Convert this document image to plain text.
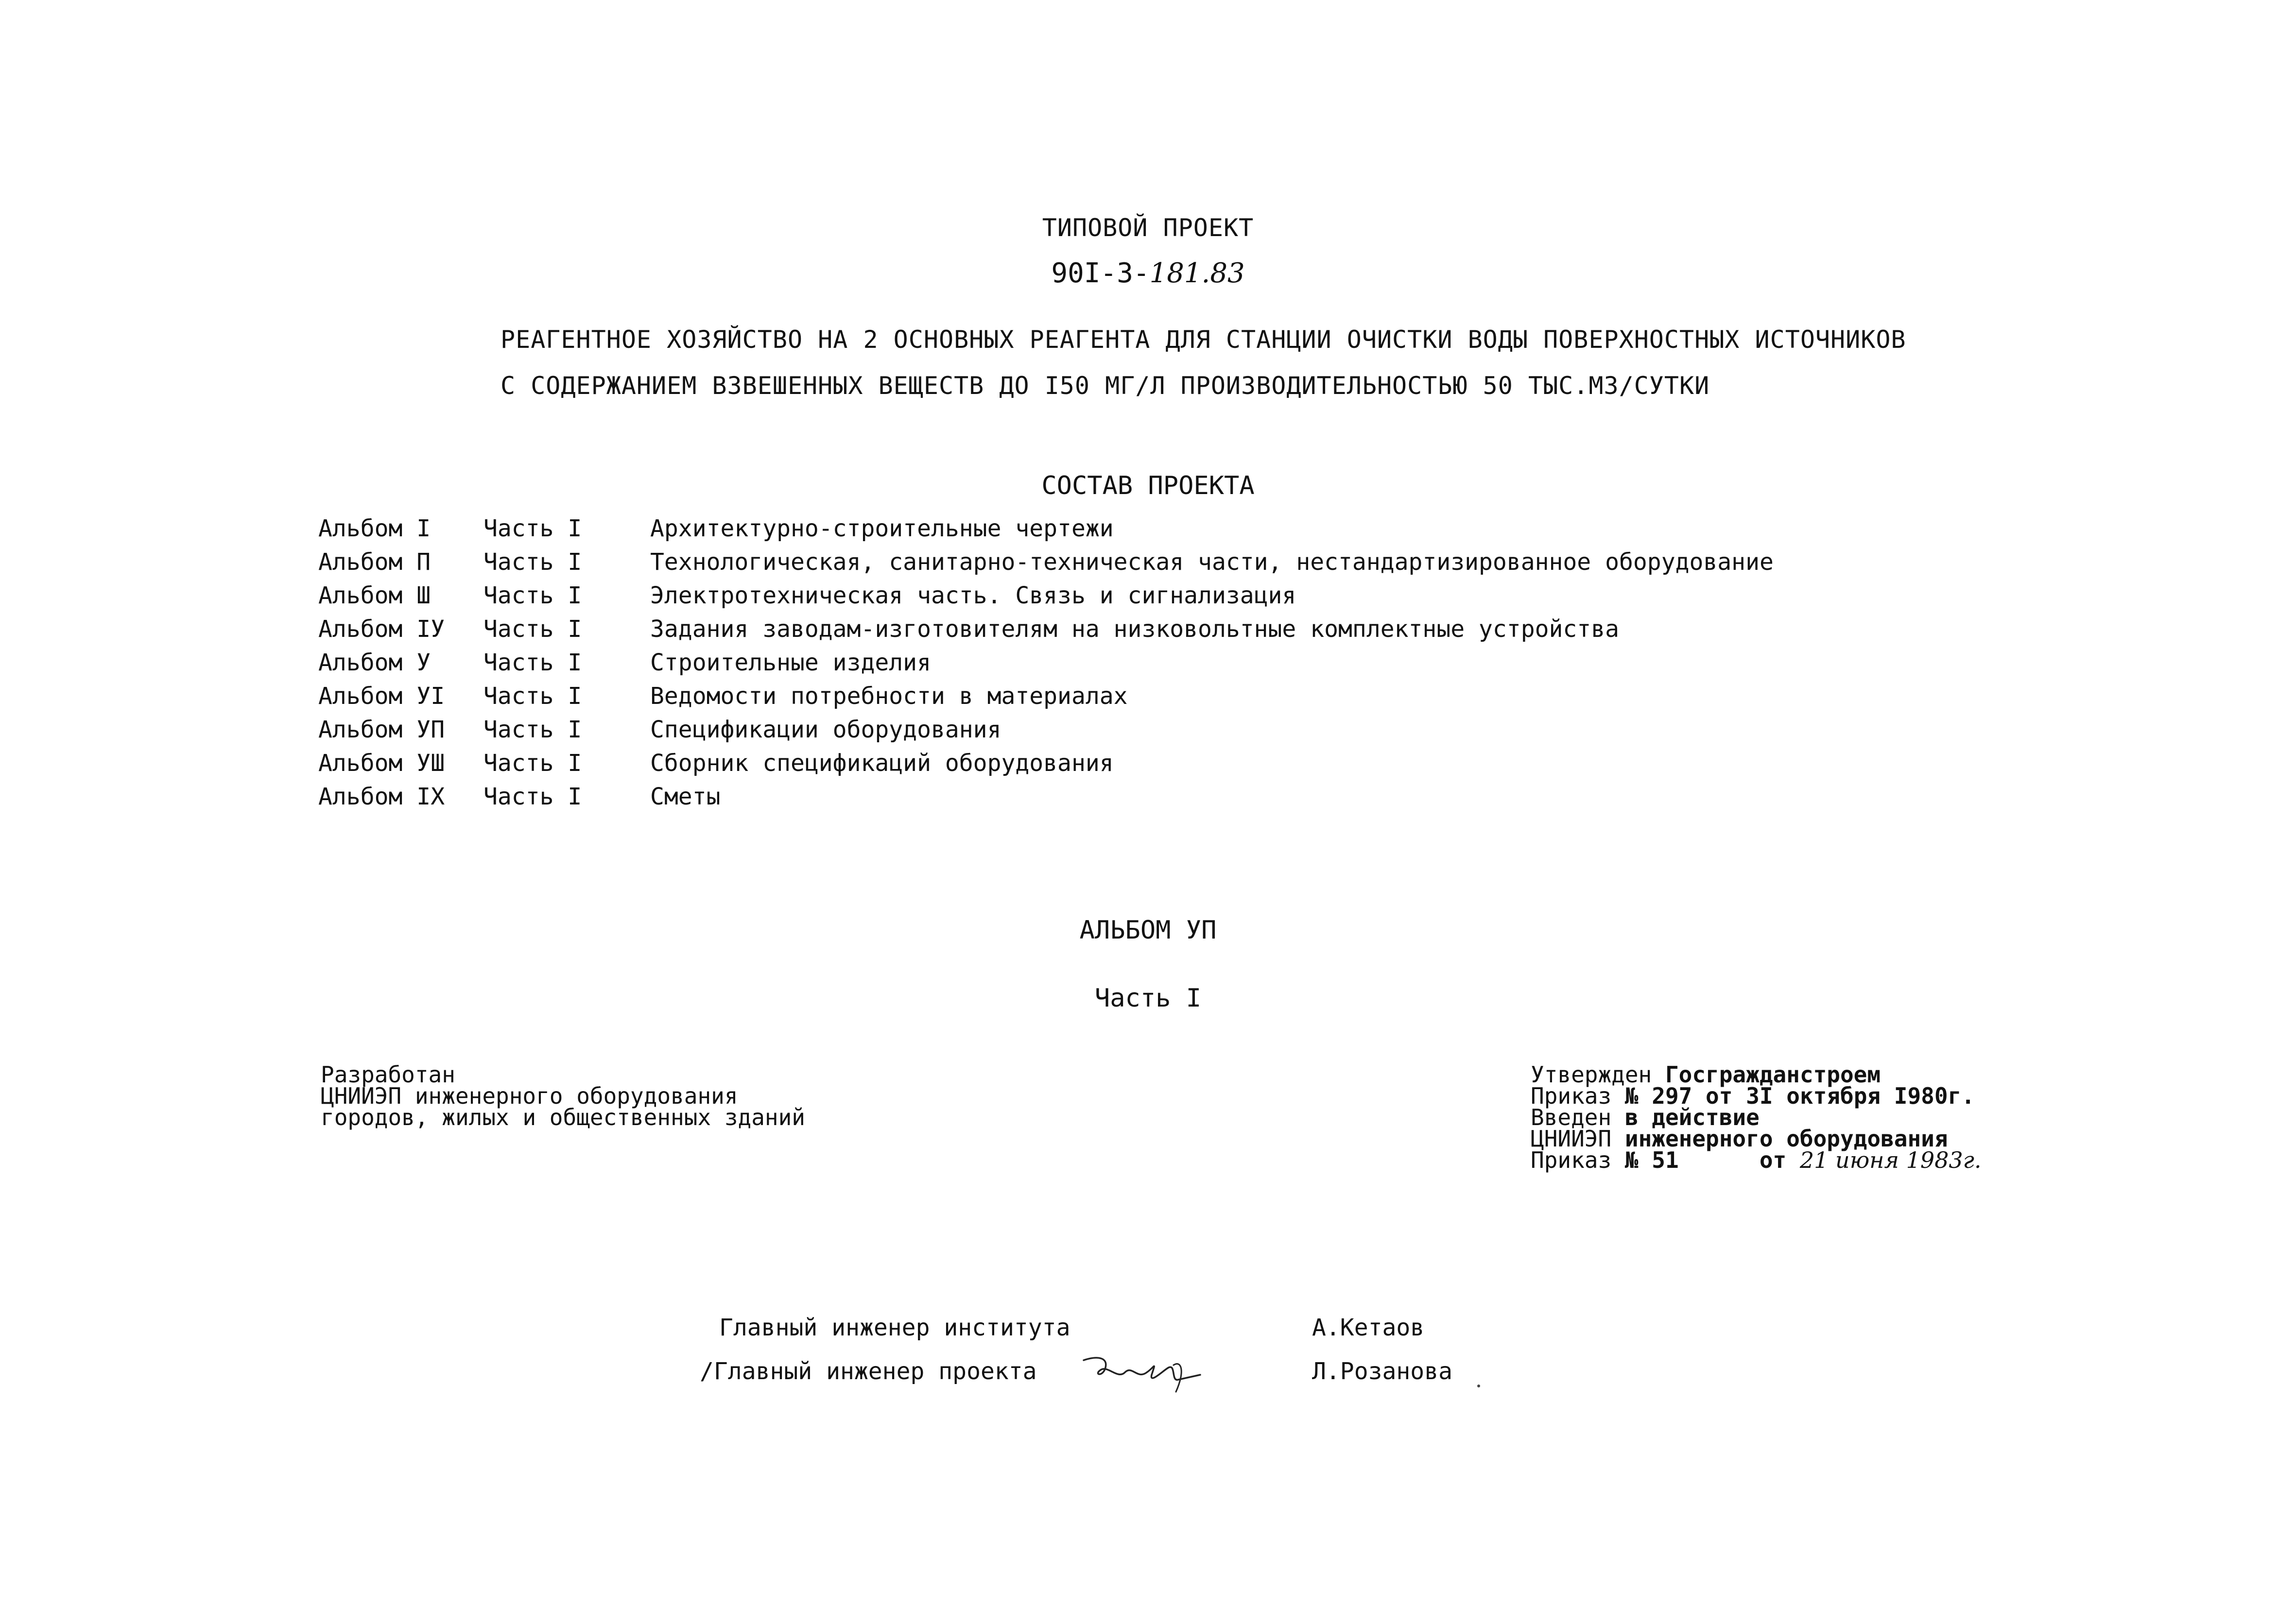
ТИПОВОЙ ПРОЕКТ
90I-3-181.83
РЕАГЕНТНОЕ ХОЗЯЙСТВО НА 2 ОСНОВНЫХ РЕАГЕНТА ДЛЯ СТАНЦИИ ОЧИСТКИ ВОДЫ ПОВЕРХНОСТНЫХ ИСТОЧНИКОВ
С СОДЕРЖАНИЕМ ВЗВЕШЕННЫХ ВЕЩЕСТВ ДО I50 МГ/Л ПРОИЗВОДИТЕЛЬНОСТЬЮ 50 ТЫС.М3/СУТКИ
СОСТАВ ПРОЕКТА
Альбом I Часть I	Архитектурно-строительные чертежи
Альбом П Часть I	Технологическая, санитарно-техническая части, нестандартизированное оборудование
Альбом Ш Часть I	Электротехническая часть. Связь и сигнализация
Альбом IУ Часть I	Задания заводам-изготовителям на низковольтные комплектные устройства
Альбом У Часть I	Строительные изделия
Альбом УI Часть I	Ведомости потребности в материалах
Альбом УП Часть I	Спецификации оборудования
Альбом УШ Часть I	Сборник спецификаций оборудования
Альбом IX Часть I	Сметы
АЛЬБОМ УП
Часть I
Разработан
ЦНИИЭП инженерного оборудования
городов, жилых и общественных зданий
Утвержден Госгражданстроем
Приказ № 297 от 3I октября I980г.
Введен в действие
ЦНИИЭП инженерного оборудования
Приказ № 51      от 21 июня 1983г.
Главный инженер института	А.Кетаов
/Главный инженер проекта	Л.Розанова
